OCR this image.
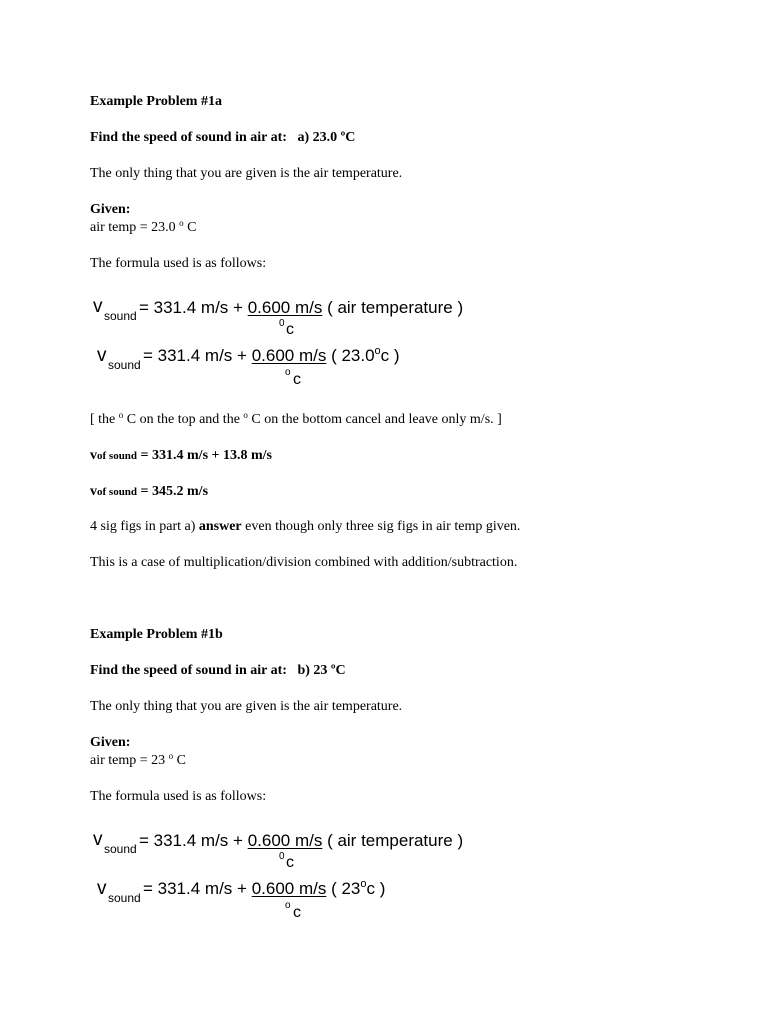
Example Problem #1a
Find the speed of sound in air at: a) 23.0 ºC
The only thing that you are given is the air temperature.
Given:
air temp = 23.0 $^o$ C
The formula used is as follows:
v sound = 331.4 m/s + 0.600 m/s ( air temperature )
0 c
v sound = 331.4 m/s + 0.600 m/s ( 23.0$^o$c )
o c
[ the $^o$ C on the top and the $^o$ C on the bottom cancel and leave only m/s. ]
vof sound = 331.4 m/s + 13.8 m/s
vof sound = 345.2 m/s
4 sig figs in part a) answer even though only three sig figs in air temp given.
This is a case of multiplication/division combined with addition/subtraction.
Example Problem #1b
Find the speed of sound in air at: b) 23 ºC
The only thing that you are given is the air temperature.
Given:
air temp = 23 $^o$ C
The formula used is as follows:
v sound = 331.4 m/s + 0.600 m/s ( air temperature )
0 c
v sound = 331.4 m/s + 0.600 m/s ( 23$^o$c )
o c
